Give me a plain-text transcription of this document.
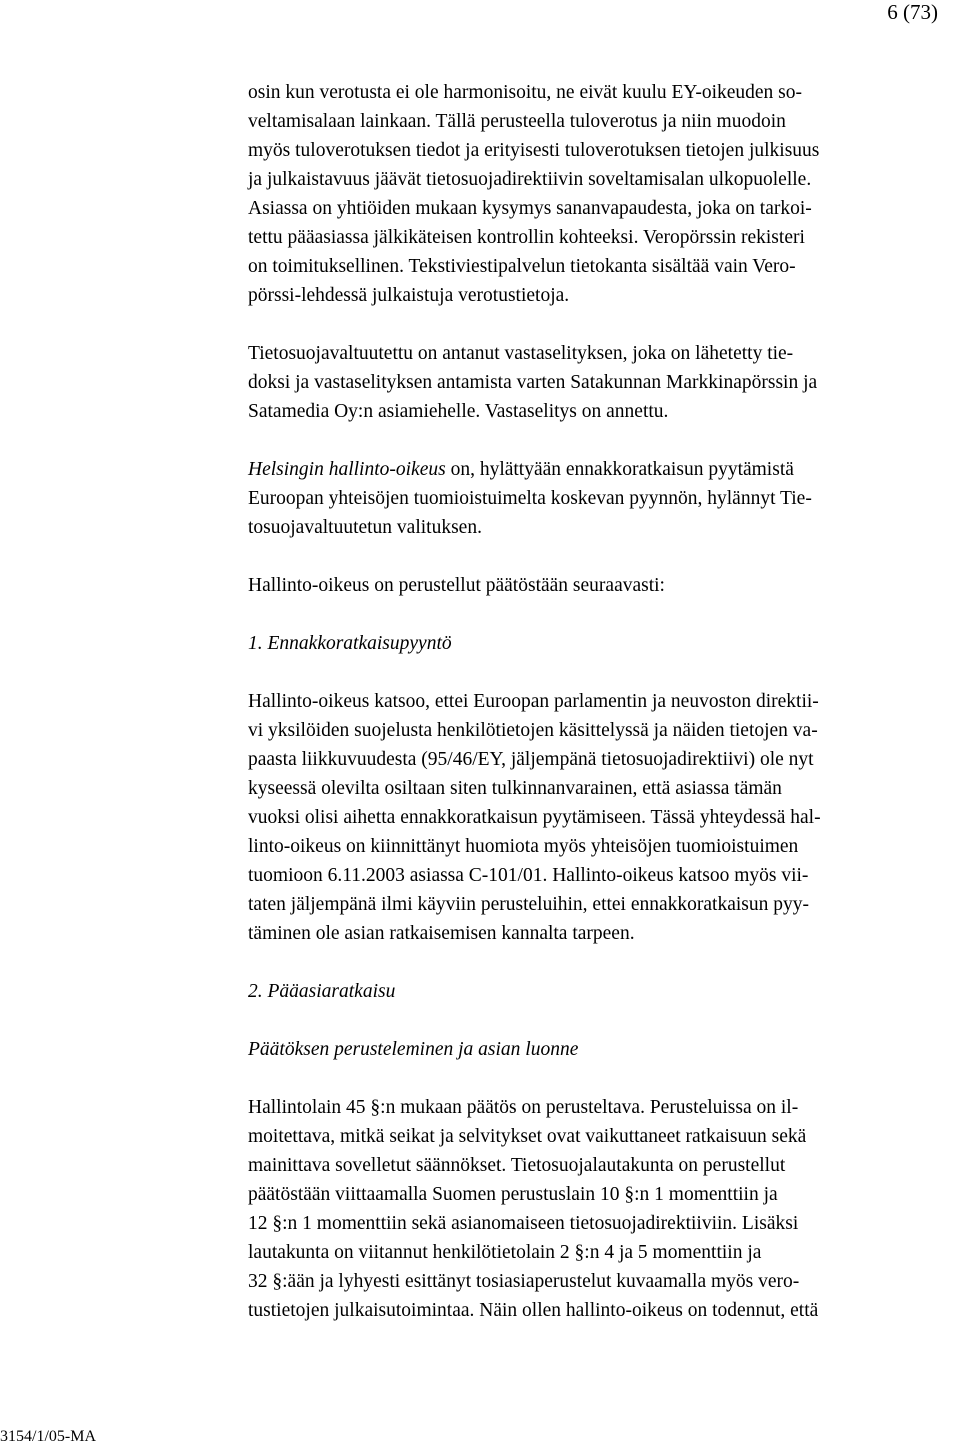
6 (73)
osin kun verotusta ei ole harmonisoitu, ne eivät kuulu EY-oikeuden so-
veltamisalaan lainkaan. Tällä perusteella tuloverotus ja niin muodoin
myös tuloverotuksen tiedot ja erityisesti tuloverotuksen tietojen julkisuus
ja julkaistavuus jäävät tietosuojadirektiivin soveltamisalan ulkopuolelle.
Asiassa on yhtiöiden mukaan kysymys sananvapaudesta, joka on tarkoi-
tettu pääasiassa jälkikäteisen kontrollin kohteeksi. Veropörssin rekisteri
on toimituksellinen. Tekstiviestipalvelun tietokanta sisältää vain Vero-
pörssi-lehdessä julkaistuja verotustietoja.
Tietosuojavaltuutettu on antanut vastaselityksen, joka on lähetetty tie-
doksi ja vastaselityksen antamista varten Satakunnan Markkinapörssin ja
Satamedia Oy:n asiamiehelle. Vastaselitys on annettu.
Helsingin hallinto-oikeus on, hylättyään ennakkoratkaisun pyytämistä
Euroopan yhteisöjen tuomioistuimelta koskevan pyynnön, hylännyt Tie-
tosuojavaltuutetun valituksen.
Hallinto-oikeus on perustellut päätöstään seuraavasti:
1. Ennakkoratkaisupyyntö
Hallinto-oikeus katsoo, ettei Euroopan parlamentin ja neuvoston direktii-
vi yksilöiden suojelusta henkilötietojen käsittelyssä ja näiden tietojen va-
paasta liikkuvuudesta (95/46/EY, jäljempänä tietosuojadirektiivi) ole nyt
kyseessä olevilta osiltaan siten tulkinnanvarainen, että asiassa tämän
vuoksi olisi aihetta ennakkoratkaisun pyytämiseen. Tässä yhteydessä hal-
linto-oikeus on kiinnittänyt huomiota myös yhteisöjen tuomioistuimen
tuomioon 6.11.2003 asiassa C-101/01. Hallinto-oikeus katsoo myös vii-
taten jäljempänä ilmi käyviin perusteluihin, ettei ennakkoratkaisun pyy-
täminen ole asian ratkaisemisen kannalta tarpeen.
2. Pääasiaratkaisu
Päätöksen perusteleminen ja asian luonne
Hallintolain 45 §:n mukaan päätös on perusteltava. Perusteluissa on il-
moitettava, mitkä seikat ja selvitykset ovat vaikuttaneet ratkaisuun sekä
mainittava sovelletut säännökset. Tietosuojalautakunta on perustellut
päätöstään viittaamalla Suomen perustuslain 10 §:n 1 momenttiin ja
12 §:n 1 momenttiin sekä asianomaiseen tietosuojadirektiiviin. Lisäksi
lautakunta on viitannut henkilötietolain 2 §:n 4 ja 5 momenttiin ja
32 §:ään ja lyhyesti esittänyt tosiasiaperustelut kuvaamalla myös vero-
tustietojen julkaisutoimintaa. Näin ollen hallinto-oikeus on todennut, että
3154/1/05-MA
